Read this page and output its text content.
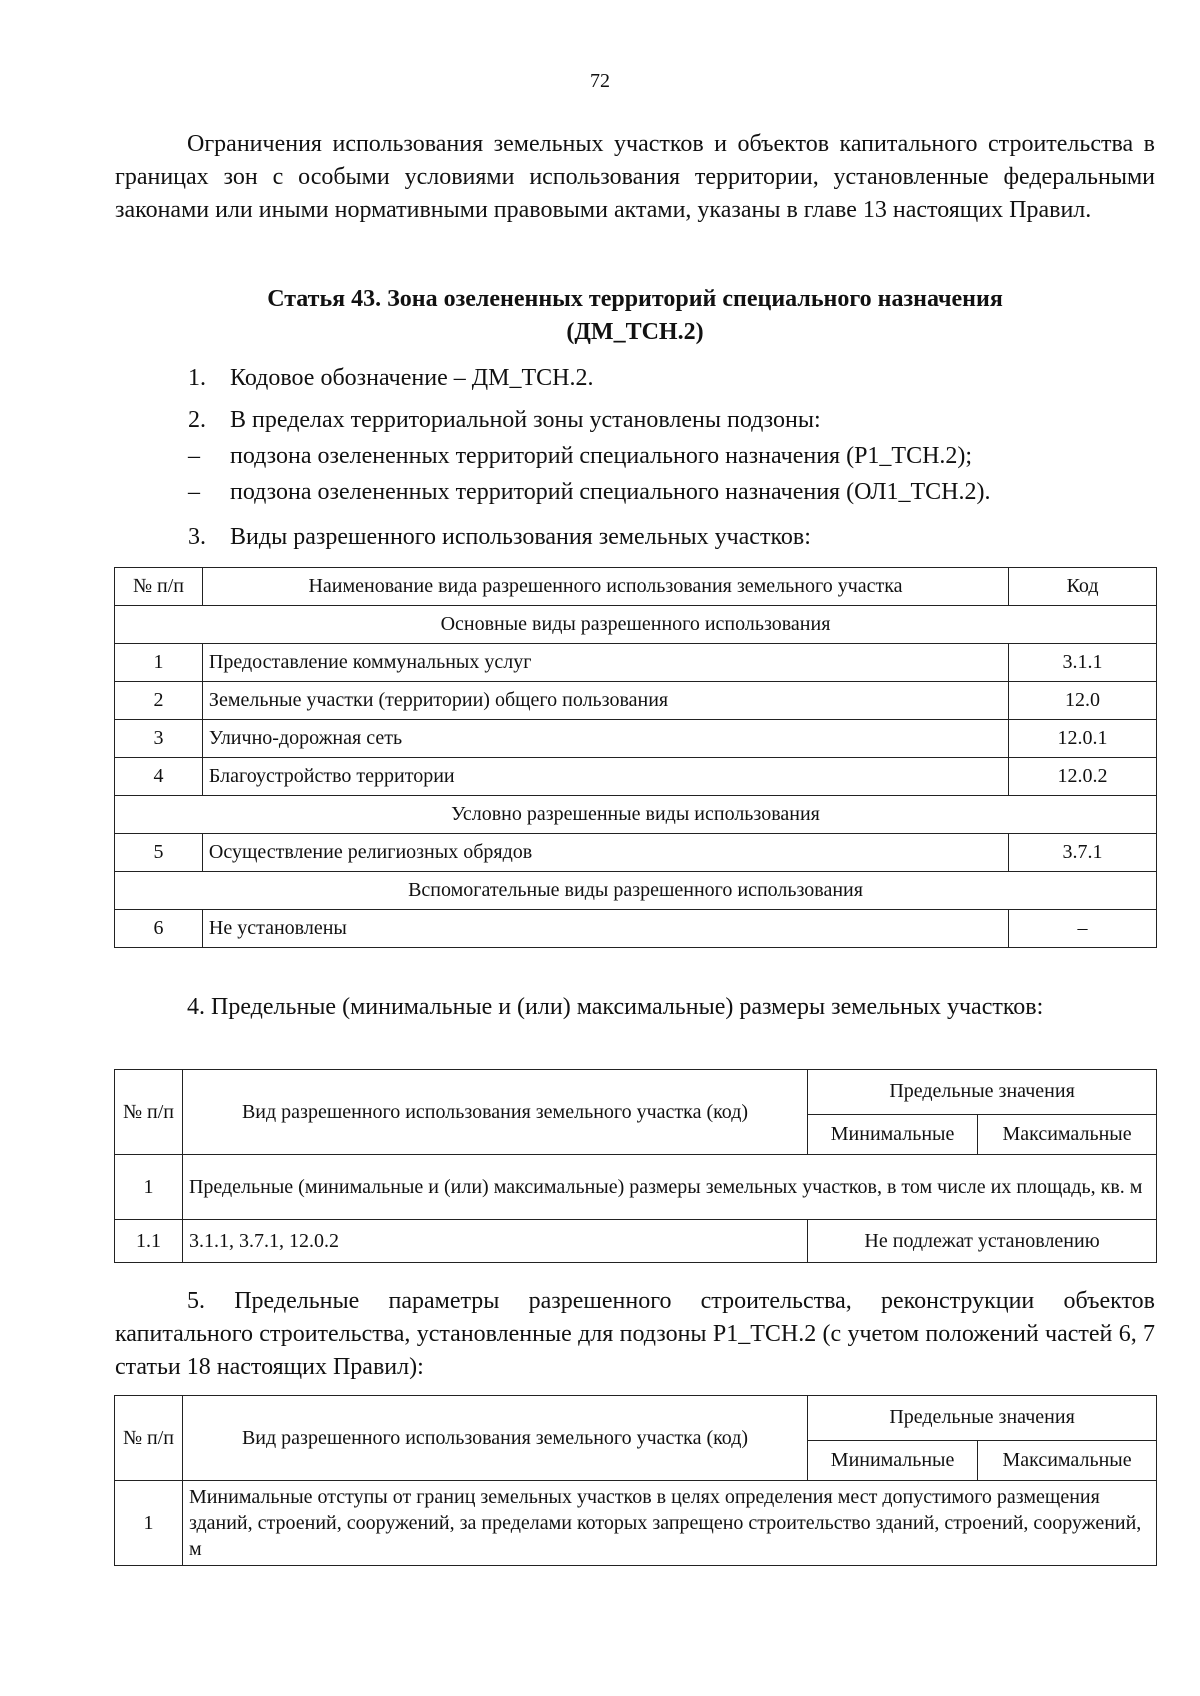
72
Ограничения использования земельных участков и объектов капитального строительства в границах зон с особыми условиями использования территории, установленные федеральными законами или иными нормативными правовыми актами, указаны в главе 13 настоящих Правил.
Статья 43. Зона озелененных территорий специального назначения
(ДМ_ТСН.2)
1. Кодовое обозначение – ДМ_ТСН.2.
2. В пределах территориальной зоны установлены подзоны:
– подзона озелененных территорий специального назначения (Р1_ТСН.2);
– подзона озелененных территорий специального назначения (ОЛ1_ТСН.2).
3. Виды разрешенного использования земельных участков:
№ п/п	Наименование вида разрешенного использования земельного участка	Код
Основные виды разрешенного использования		
1	Предоставление коммунальных услуг	3.1.1
2	Земельные участки (территории) общего пользования	12.0
3	Улично-дорожная сеть	12.0.1
4	Благоустройство территории	12.0.2
Условно разрешенные виды использования		
5	Осуществление религиозных обрядов	3.7.1
Вспомогательные виды разрешенного использования		
6	Не установлены	–
4. Предельные (минимальные и (или) максимальные) размеры земельных участков:
№ п/п	Вид разрешенного использования земельного участка (код)	Предельные значения	
		Минимальные	Максимальные
1	Предельные (минимальные и (или) максимальные) размеры земельных участков, в том числе их площадь, кв. м		
1.1	3.1.1, 3.7.1, 12.0.2	Не подлежат установлению	
5. Предельные параметры разрешенного строительства, реконструкции объектов капитального строительства, установленные для подзоны Р1_ТСН.2 (с учетом положений частей 6, 7 статьи 18 настоящих Правил):
№ п/п	Вид разрешенного использования земельного участка (код)	Предельные значения	
		Минимальные	Максимальные
1	Минимальные отступы от границ земельных участков в целях определения мест допустимого размещения зданий, строений, сооружений, за пределами которых запрещено строительство зданий, строений, сооружений, м		
